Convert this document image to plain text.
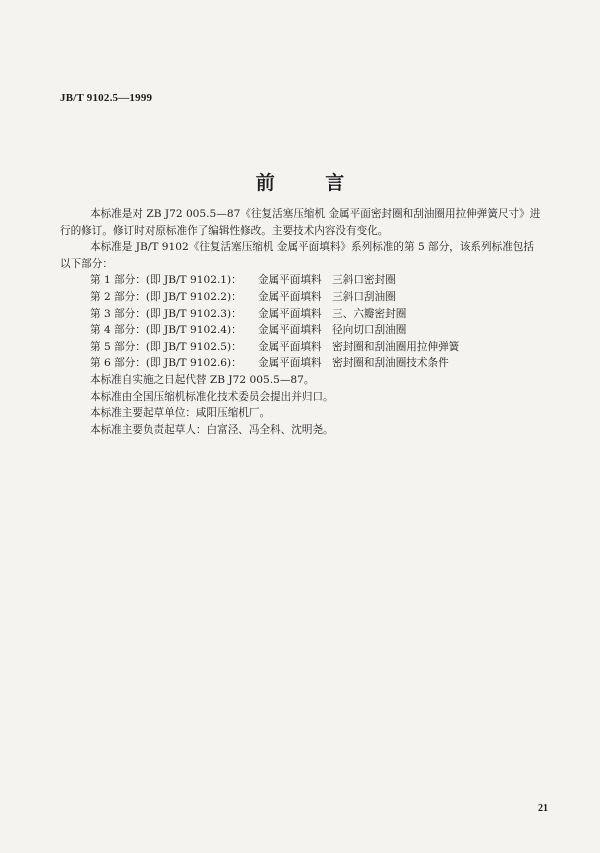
JB/T 9102.5—1999
前 言

本标准是对 ZB J72 005.5—87《往复活塞压缩机 金属平面密封圈和刮油圈用拉伸弹簧尺寸》进
行的修订。修订时对原标准作了编辑性修改。主要技术内容没有变化。

本标准是 JB/T 9102《往复活塞压缩机 金属平面填料》系列标准的第 5 部分，该系列标准包括
以下部分：

第 1 部分：(即 JB/T 9102.1)：	金属平面填料　三斜口密封圈
第 2 部分：(即 JB/T 9102.2)：	金属平面填料　三斜口刮油圈
第 3 部分：(即 JB/T 9102.3)：	金属平面填料　三、六瓣密封圈
第 4 部分：(即 JB/T 9102.4)：	金属平面填料　径向切口刮油圈
第 5 部分：(即 JB/T 9102.5)：	金属平面填料　密封圈和刮油圈用拉伸弹簧
第 6 部分：(即 JB/T 9102.6)：	金属平面填料　密封圈和刮油圈技术条件

本标准自实施之日起代替 ZB J72 005.5—87。

本标准由全国压缩机标准化技术委员会提出并归口。

本标准主要起草单位：咸阳压缩机厂。

本标准主要负责起草人：白富泾、冯全科、沈明尧。

21
